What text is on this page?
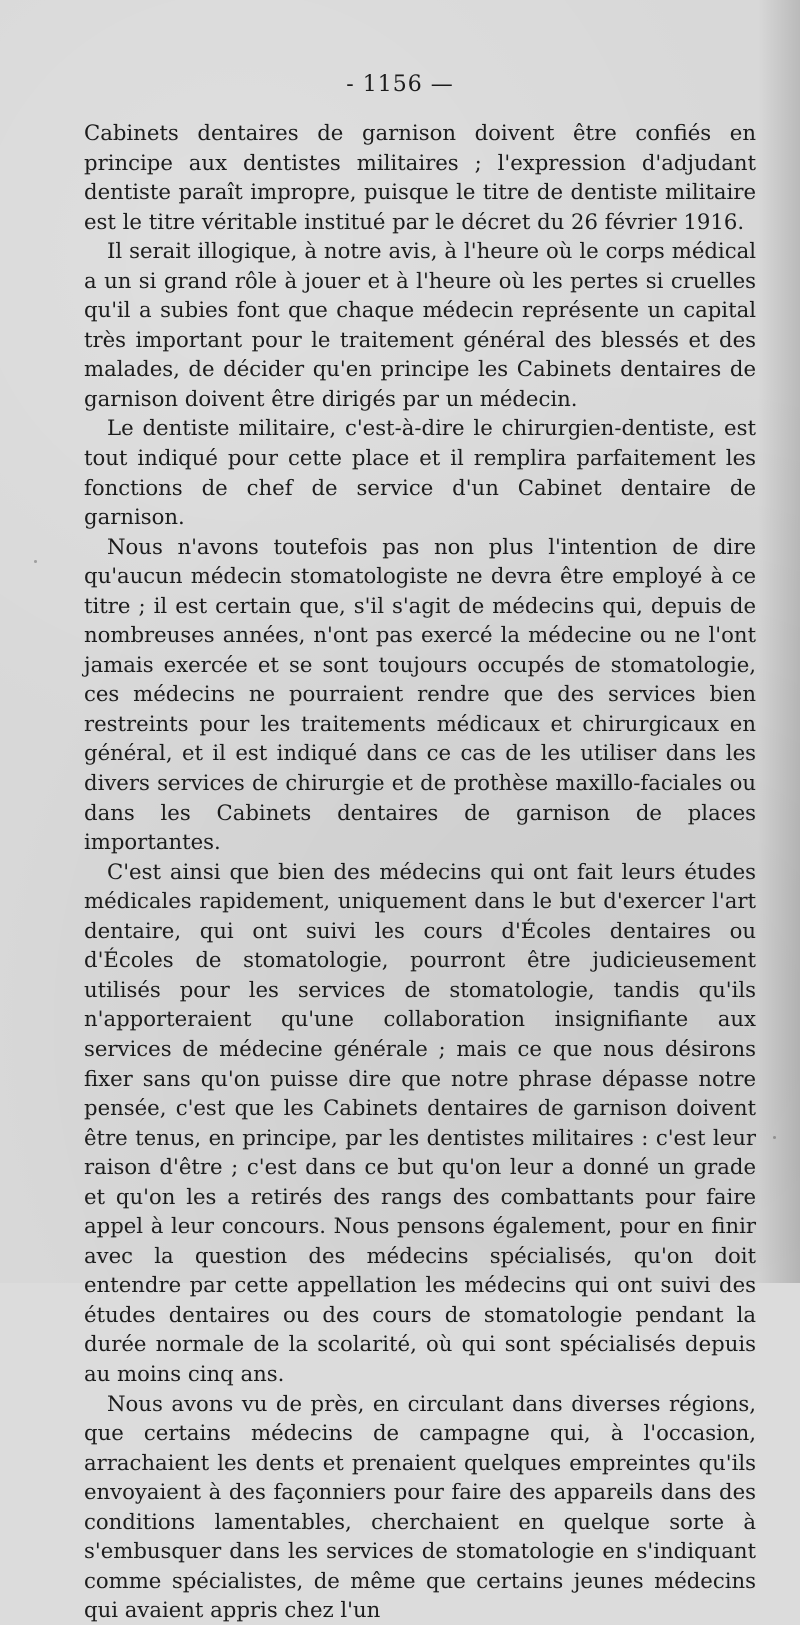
- 1156 —

Cabinets dentaires de garnison doivent être confiés en principe aux dentistes militaires ; l'expression d'adjudant dentiste paraît impropre, puisque le titre de dentiste militaire est le titre véritable institué par le décret du 26 février 1916.

Il serait illogique, à notre avis, à l'heure où le corps médical a un si grand rôle à jouer et à l'heure où les pertes si cruelles qu'il a subies font que chaque médecin représente un capital très important pour le traitement général des blessés et des malades, de décider qu'en principe les Cabinets dentaires de garnison doivent être dirigés par un médecin.

Le dentiste militaire, c'est-à-dire le chirurgien-dentiste, est tout indiqué pour cette place et il remplira parfaitement les fonctions de chef de service d'un Cabinet dentaire de garnison.

Nous n'avons toutefois pas non plus l'intention de dire qu'aucun médecin stomatologiste ne devra être employé à ce titre ; il est certain que, s'il s'agit de médecins qui, depuis de nombreuses années, n'ont pas exercé la médecine ou ne l'ont jamais exercée et se sont toujours occupés de stomatologie, ces médecins ne pourraient rendre que des services bien restreints pour les traitements médicaux et chirurgicaux en général, et il est indiqué dans ce cas de les utiliser dans les divers services de chirurgie et de prothèse maxillo-faciales ou dans les Cabinets dentaires de garnison de places importantes.

C'est ainsi que bien des médecins qui ont fait leurs études médicales rapidement, uniquement dans le but d'exercer l'art dentaire, qui ont suivi les cours d'Écoles dentaires ou d'Écoles de stomatologie, pourront être judicieusement utilisés pour les services de stomatologie, tandis qu'ils n'apporteraient qu'une collaboration insignifiante aux services de médecine générale ; mais ce que nous désirons fixer sans qu'on puisse dire que notre phrase dépasse notre pensée, c'est que les Cabinets dentaires de garnison doivent être tenus, en principe, par les dentistes militaires : c'est leur raison d'être ; c'est dans ce but qu'on leur a donné un grade et qu'on les a retirés des rangs des combattants pour faire appel à leur concours. Nous pensons également, pour en finir avec la question des médecins spécialisés, qu'on doit entendre par cette appellation les médecins qui ont suivi des études dentaires ou des cours de stomatologie pendant la durée normale de la scolarité, où qui sont spécialisés depuis au moins cinq ans.

Nous avons vu de près, en circulant dans diverses régions, que certains médecins de campagne qui, à l'occasion, arrachaient les dents et prenaient quelques empreintes qu'ils envoyaient à des façonniers pour faire des appareils dans des conditions lamentables, cherchaient en quelque sorte à s'embusquer dans les services de stomatologie en s'indiquant comme spécialistes, de même que certains jeunes médecins qui avaient appris chez l'un
